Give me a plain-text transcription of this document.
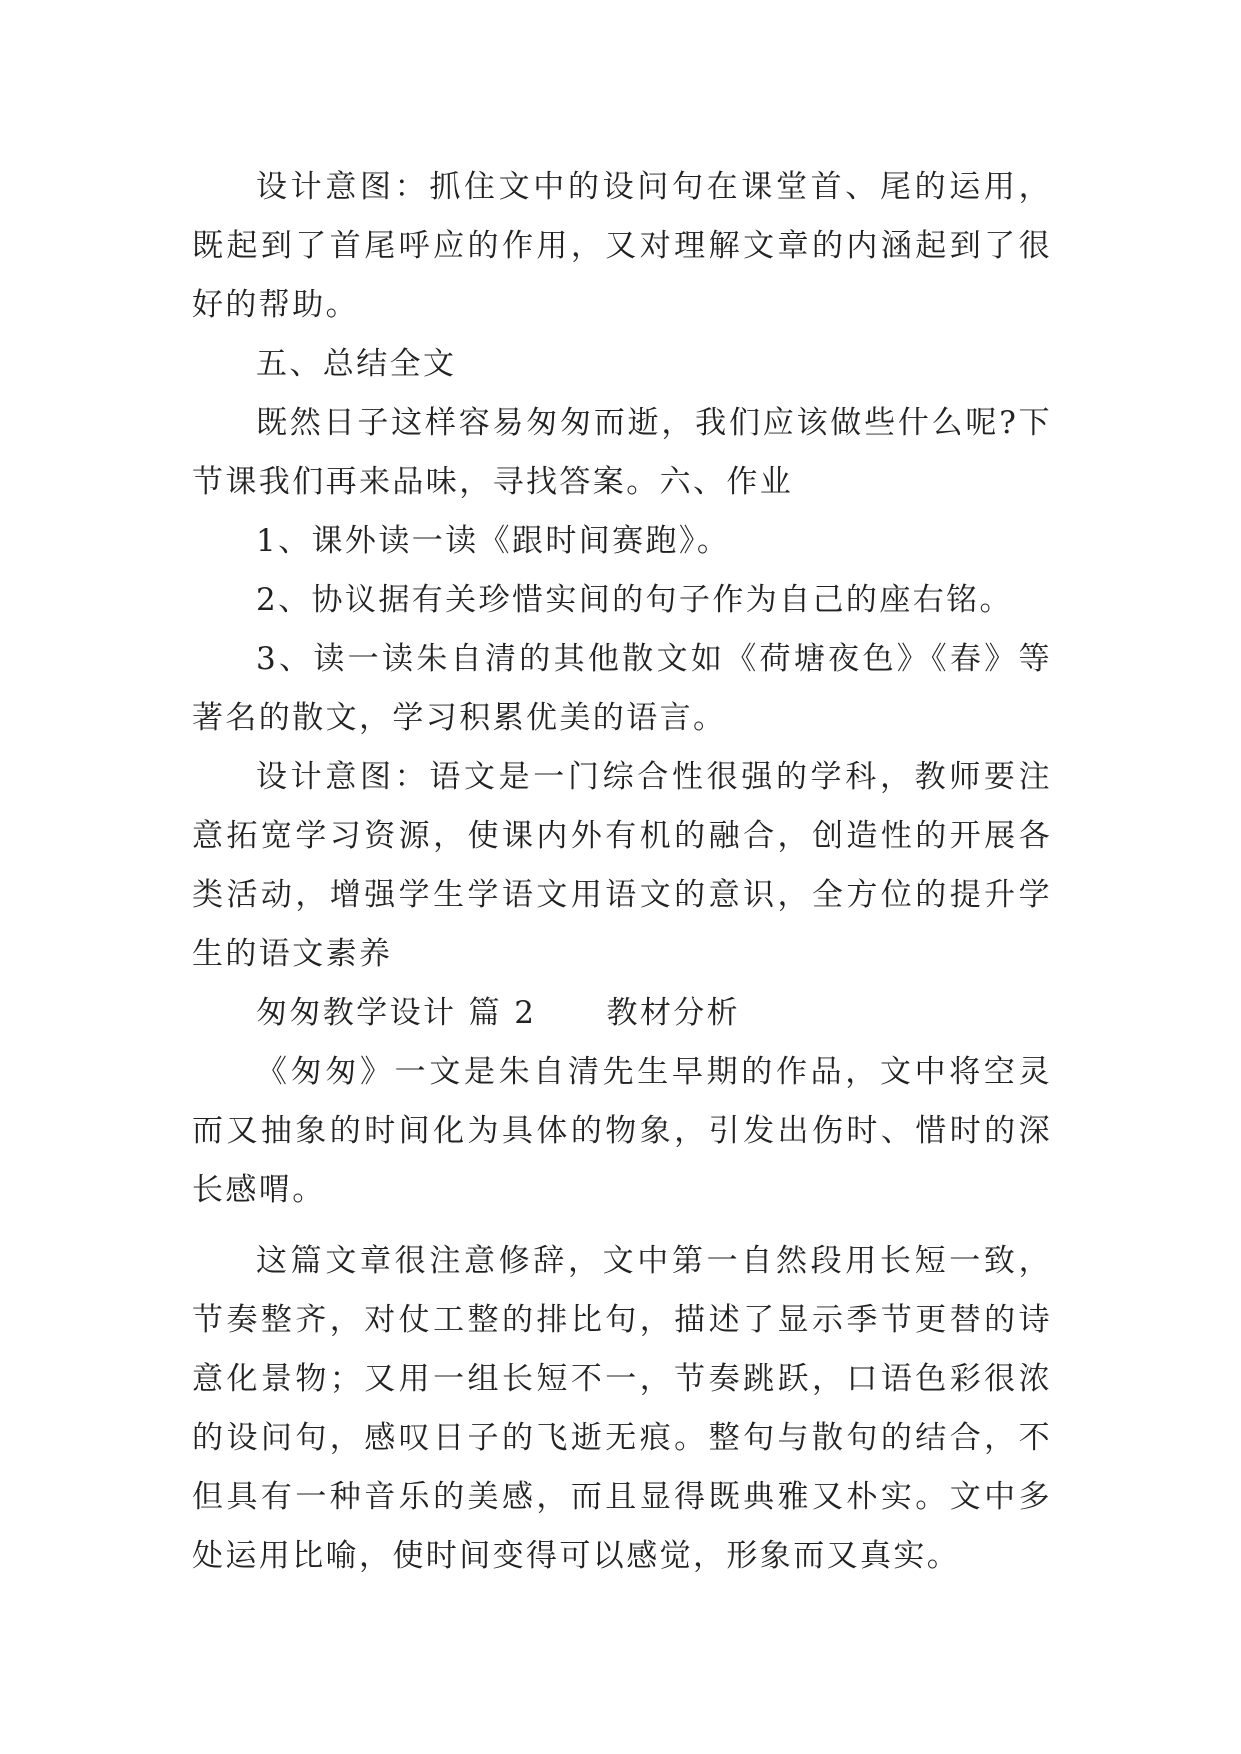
设计意图：抓住文中的设问句在课堂首、尾的运用，既起到了首尾呼应的作用，又对理解文章的内涵起到了很好的帮助。

五、总结全文

既然日子这样容易匆匆而逝，我们应该做些什么呢?下节课我们再来品味，寻找答案。六、作业

1、课外读一读《跟时间赛跑》。

2、协议据有关珍惜实间的句子作为自己的座右铭。

3、读一读朱自清的其他散文如《荷塘夜色》《春》等著名的散文，学习积累优美的语言。

设计意图：语文是一门综合性很强的学科，教师要注意拓宽学习资源，使课内外有机的融合，创造性的开展各类活动，增强学生学语文用语文的意识，全方位的提升学生的语文素养

匆匆教学设计 篇 2 教材分析

《匆匆》一文是朱自清先生早期的作品，文中将空灵而又抽象的时间化为具体的物象，引发出伤时、惜时的深长感喟。

这篇文章很注意修辞，文中第一自然段用长短一致，节奏整齐，对仗工整的排比句，描述了显示季节更替的诗意化景物；又用一组长短不一，节奏跳跃，口语色彩很浓的设问句，感叹日子的飞逝无痕。整句与散句的结合，不但具有一种音乐的美感，而且显得既典雅又朴实。文中多处运用比喻，使时间变得可以感觉，形象而又真实。
